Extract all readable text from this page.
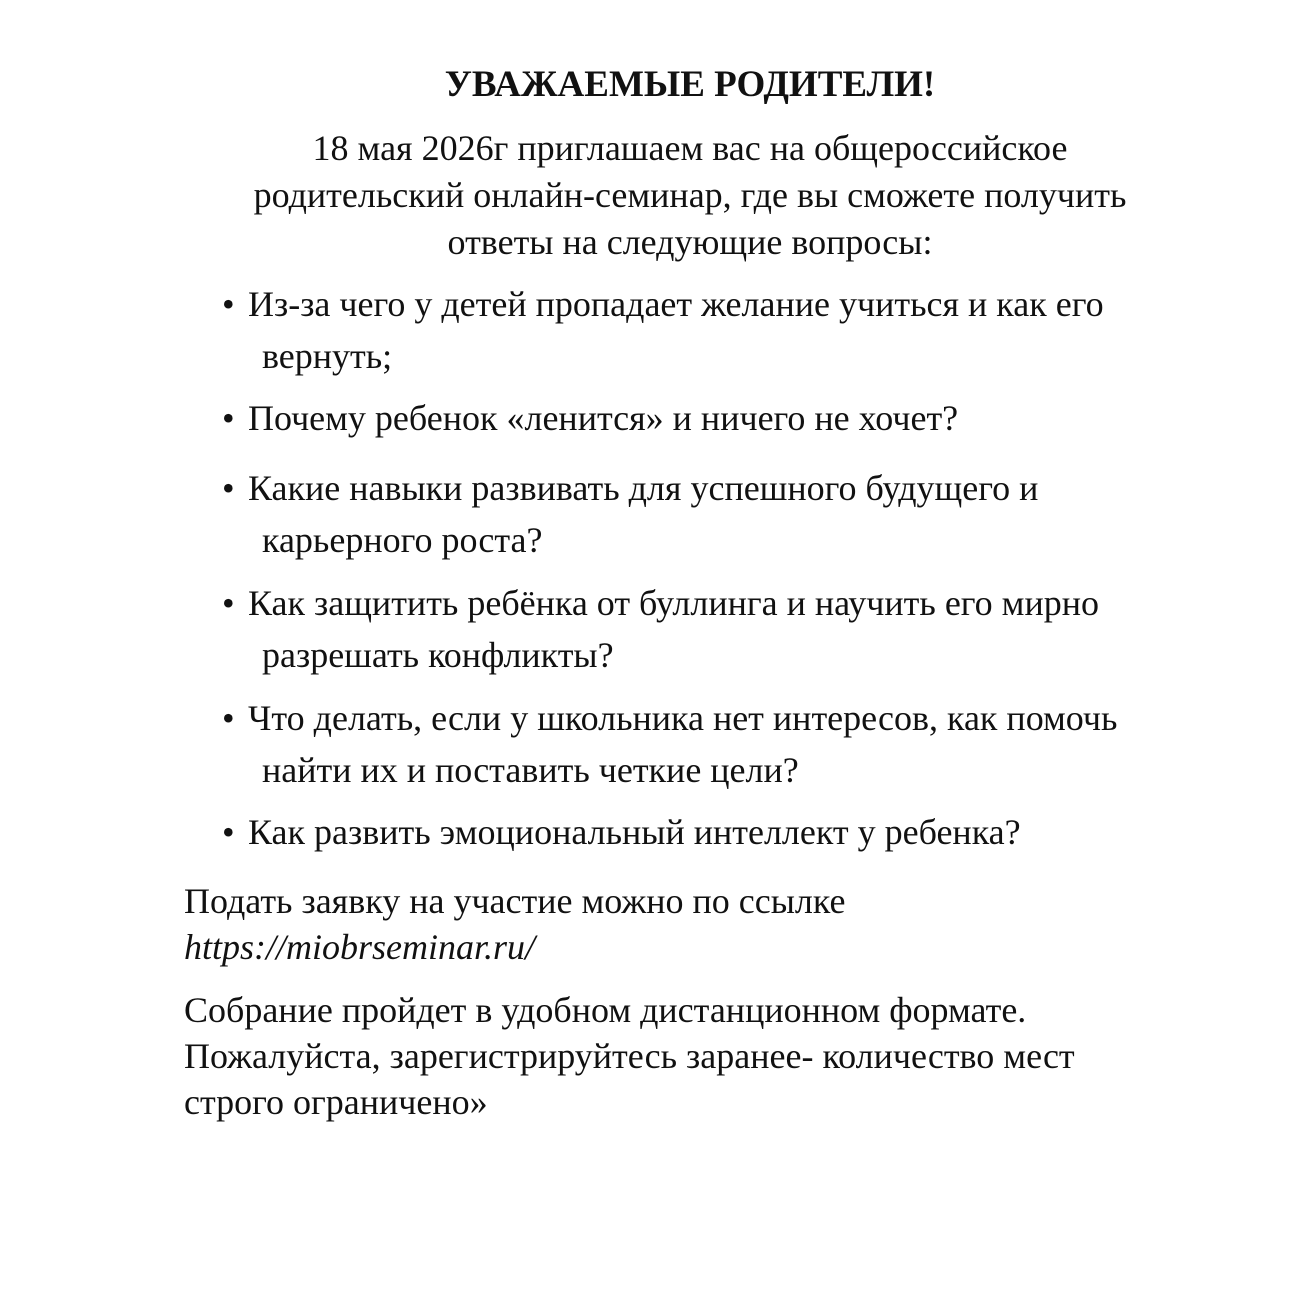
УВАЖАЕМЫЕ РОДИТЕЛИ!

18 мая 2026г приглашаем вас на общероссийское
родительский онлайн-семинар, где вы сможете получить
ответы на следующие вопросы:

• Из-за чего у детей пропадает желание учиться и как его
вернуть;
• Почему ребенок «ленится» и ничего не хочет?
• Какие навыки развивать для успешного будущего и
карьерного роста?
• Как защитить ребёнка от буллинга и научить его мирно
разрешать конфликты?
• Что делать, если у школьника нет интересов, как помочь
найти их и поставить четкие цели?
• Как развить эмоциональный интеллект у ребенка?

Подать заявку на участие можно по ссылке
https://miobrseminar.ru/

Собрание пройдет в удобном дистанционном формате.
Пожалуйста, зарегистрируйтесь заранее- количество мест
строго ограничено»
